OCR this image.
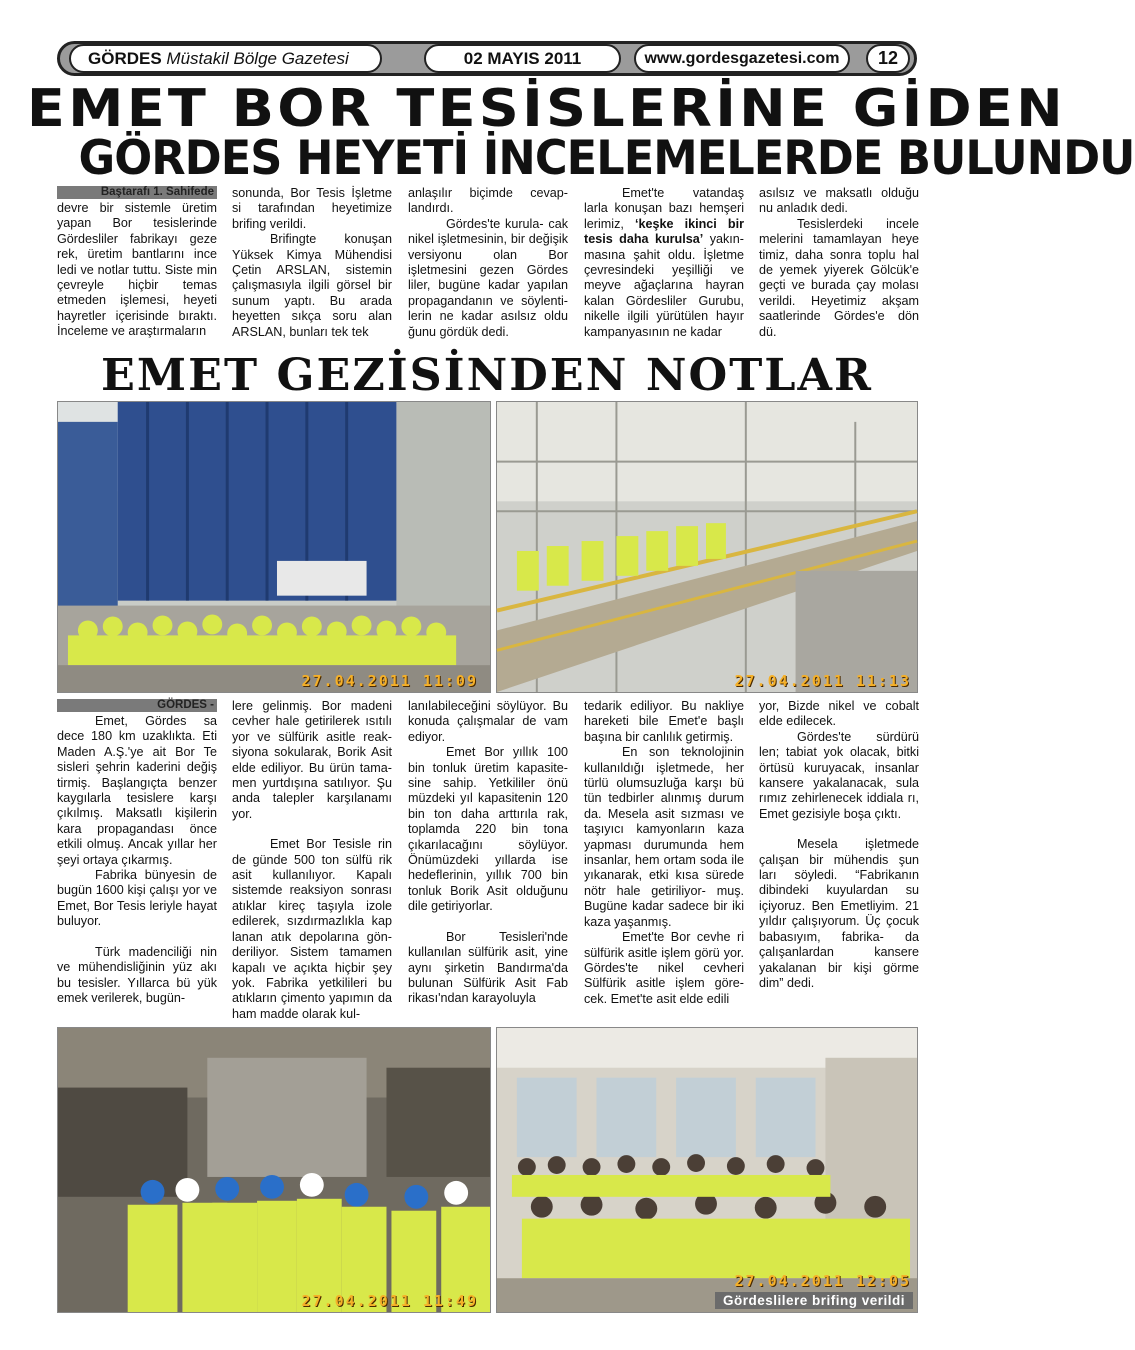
GÖRDES Müstakil Bölge Gazetesi	02 MAYIS 2011	www.gordesgazetesi.com	12
EMET BOR TESİSLERİNE GİDEN
GÖRDES HEYETİ İNCELEMELERDE BULUNDU
Baştarafı 1. Sahifede

devre bir sistemle üretim yapan Bor tesislerinde Gördesliler fabrikayı geze rek, üretim bantlarını ince ledi ve notlar tuttu. Siste min çevreyle hiçbir temas etmeden işlemesi, heyeti hayretler içerisinde bıraktı. İnceleme ve araştırmaların

sonunda, Bor Tesis İşletme si tarafından heyetimize brifing verildi.

Brifingte konuşan Yüksek Kimya Mühendisi Çetin ARSLAN, sistemin çalışmasıyla ilgili görsel bir sunum yaptı. Bu arada heyetten sıkça soru alan ARSLAN, bunları tek tek

anlaşılır biçimde cevap- landırdı.

Gördes'te kurula- cak nikel işletmesinin, bir değişik versiyonu olan Bor işletmesini gezen Gördes liler, bugüne kadar yapılan propagandanın ve söylenti- lerin ne kadar asılsız oldu ğunu gördük dedi.

Emet'te vatandaş larla konuşan bazı hemşeri lerimiz, ‘keşke ikinci bir tesis daha kurulsa’ yakın- masına şahit oldu. İşletme çevresindeki yeşilliği ve meyve ağaçlarına hayran kalan Gördesliler Gurubu, nikelle ilgili yürütülen hayır kampanyasının ne kadar

asılsız ve maksatlı olduğu nu anladık dedi.

Tesislerdeki incele melerini tamamlayan heye timiz, daha sonra toplu hal de yemek yiyerek Gölcük'e geçti ve burada çay molası verildi. Heyetimiz akşam saatlerinde Gördes'e dön dü.

EMET GEZİSİNDEN NOTLAR
27.04.2011 11:09	27.04.2011 11:13
GÖRDES -

Emet, Gördes sa dece 180 km uzaklıkta. Eti Maden A.Ş.'ye ait Bor Te sisleri şehrin kaderini değiş tirmiş. Başlangıçta benzer kaygılarla tesislere karşı çıkılmış. Maksatlı kişilerin kara propagandası önce etkili olmuş. Ancak yıllar her şeyi ortaya çıkarmış.

Fabrika bünyesin de bugün 1600 kişi çalışı yor ve Emet, Bor Tesis leriyle hayat buluyor.

Türk madenciliği nin ve mühendisliğinin yüz akı bu tesisler. Yıllarca bü yük emek verilerek, bugün-

lere gelinmiş. Bor madeni cevher hale getirilerek ısıtılı yor ve sülfürik asitle reak- siyona sokularak, Borik Asit elde ediliyor. Bu ürün tama- men yurtdışına satılıyor. Şu anda talepler karşılanamı yor.

Emet Bor Tesisle rin de günde 500 ton sülfü rik asit kullanılıyor. Kapalı sistemde reaksiyon sonrası atıklar kireç taşıyla izole edilerek, sızdırmazlıkla kap lanan atık depolarına gön- deriliyor. Sistem tamamen kapalı ve açıkta hiçbir şey yok. Fabrika yetkilileri bu atıkların çimento yapımın da ham madde olarak kul-

lanılabileceğini söylüyor. Bu konuda çalışmalar de vam ediyor.

Emet Bor yıllık 100 bin tonluk üretim kapasite- sine sahip. Yetkililer önü müzdeki yıl kapasitenin 120 bin ton daha arttırıla rak, toplamda 220 bin tona çıkarılacağını söylüyor. Önümüzdeki yıllarda ise hedeflerinin, yıllık 700 bin tonluk Borik Asit olduğunu dile getiriyorlar.

Bor Tesisleri'nde kullanılan sülfürik asit, yine aynı şirketin Bandırma'da bulunan Sülfürik Asit Fab rikası'ndan karayoluyla

tedarik ediliyor. Bu nakliye hareketi bile Emet'e başlı başına bir canlılık getirmiş.

En son teknolojinin kullanıldığı işletmede, her türlü olumsuzluğa karşı bü tün tedbirler alınmış durum da. Mesela asit sızması ve taşıyıcı kamyonların kaza yapması durumunda hem insanlar, hem ortam soda ile yıkanarak, etki kısa sürede nötr hale getiriliyor- muş. Bugüne kadar sadece bir iki kaza yaşanmış.

Emet'te Bor cevhe ri sülfürik asitle işlem görü yor. Gördes'te nikel cevheri Sülfürik asitle işlem göre- cek. Emet'te asit elde edili

yor, Bizde nikel ve cobalt elde edilecek.

Gördes'te sürdürü len; tabiat yok olacak, bitki örtüsü kuruyacak, insanlar kansere yakalanacak, sula rımız zehirlenecek iddiala rı, Emet gezisiyle boşa çıktı.

Mesela işletmede çalışan bir mühendis şun ları söyledi. “Fabrikanın dibindeki kuyulardan su içiyoruz. Ben Emetliyim. 21 yıldır çalışıyorum. Üç çocuk babasıyım, fabrika- da çalışanlardan kansere yakalanan bir kişi görme dim” dedi.

27.04.2011 11:49
27.04.2011 12:05
Gördeslilere brifing verildi
